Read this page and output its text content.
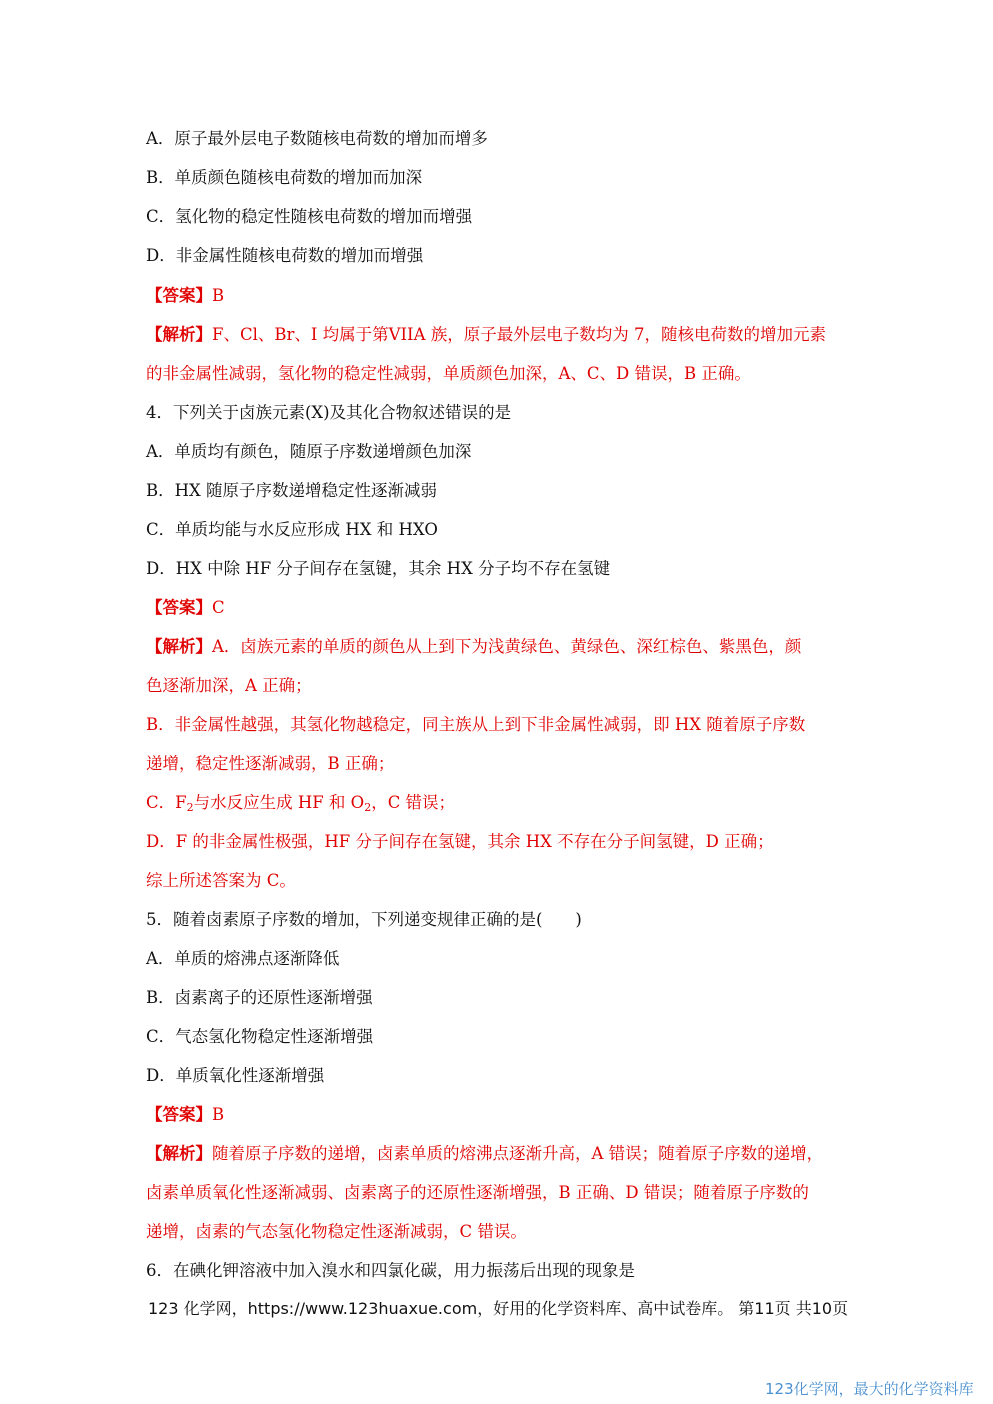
A．原子最外层电子数随核电荷数的增加而增多
B．单质颜色随核电荷数的增加而加深
C．氢化物的稳定性随核电荷数的增加而增强
D．非金属性随核电荷数的增加而增强
【答案】B
【解析】F、Cl、Br、I 均属于第VIIA 族，原子最外层电子数均为 7，随核电荷数的增加元素
的非金属性减弱，氢化物的稳定性减弱，单质颜色加深，A、C、D 错误，B 正确。
4．下列关于卤族元素(X)及其化合物叙述错误的是
A．单质均有颜色，随原子序数递增颜色加深
B．HX 随原子序数递增稳定性逐渐减弱
C．单质均能与水反应形成 HX 和 HXO
D．HX 中除 HF 分子间存在氢键，其余 HX 分子均不存在氢键
【答案】C
【解析】A．卤族元素的单质的颜色从上到下为浅黄绿色、黄绿色、深红棕色、紫黑色，颜
色逐渐加深，A 正确；
B．非金属性越强，其氢化物越稳定，同主族从上到下非金属性减弱，即 HX 随着原子序数
递增，稳定性逐渐减弱，B 正确；
C．$F_2$与水反应生成 HF 和 $O_2$，C 错误；
D．F 的非金属性极强，HF 分子间存在氢键，其余 HX 不存在分子间氢键，D 正确；
综上所述答案为 C。
5．随着卤素原子序数的增加，下列递变规律正确的是(　　)
A．单质的熔沸点逐渐降低
B．卤素离子的还原性逐渐增强
C．气态氢化物稳定性逐渐增强
D．单质氧化性逐渐增强
【答案】B
【解析】随着原子序数的递增，卤素单质的熔沸点逐渐升高，A 错误；随着原子序数的递增，
卤素单质氧化性逐渐减弱、卤素离子的还原性逐渐增强，B 正确、D 错误；随着原子序数的
递增，卤素的气态氢化物稳定性逐渐减弱，C 错误。
6．在碘化钾溶液中加入溴水和四氯化碳，用力振荡后出现的现象是
123 化学网，https://www.123huaxue.com，好用的化学资料库、高中试卷库。 第11页 共10页
123化学网，最大的化学资料库
